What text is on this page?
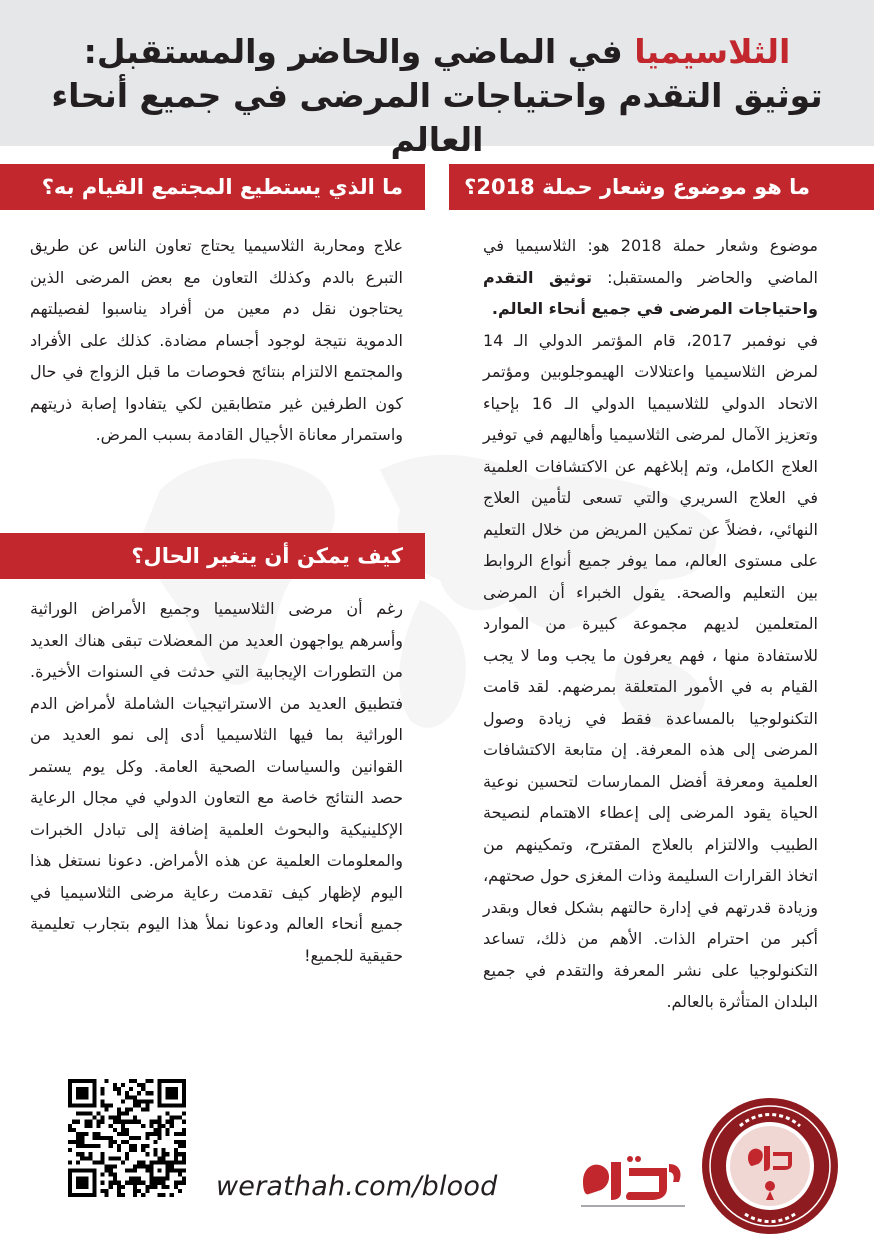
الثلاسيميا في الماضي والحاضر والمستقبل:
توثيق التقدم واحتياجات المرضى في جميع أنحاء العالم
ما هو موضوع وشعار حملة 2018؟

موضوع وشعار حملة 2018 هو: الثلاسيميا في الماضي والحاضر والمستقبل: توثيق التقدم واحتياجات المرضى في جميع أنحاء العالم.

في نوفمبر 2017، قام المؤتمر الدولي الـ 14 لمرض الثلاسيميا واعتلالات الهيموجلوبين ومؤتمر الاتحاد الدولي للثلاسيميا الدولي الـ 16 بإحياء وتعزيز الآمال لمرضى الثلاسيميا وأهاليهم في توفير العلاج الكامل، وتم إبلاغهم عن الاكتشافات العلمية في العلاج السريري والتي تسعى لتأمين العلاج النهائي، ،فضلاً عن تمكين المريض من خلال التعليم على مستوى العالم، مما يوفر جميع أنواع الروابط بين التعليم والصحة. يقول الخبراء أن المرضى المتعلمين لديهم مجموعة كبيرة من الموارد للاستفادة منها ، فهم يعرفون ما يجب وما لا يجب القيام به في الأمور المتعلقة بمرضهم. لقد قامت التكنولوجيا بالمساعدة فقط في زيادة وصول المرضى إلى هذه المعرفة. إن متابعة الاكتشافات العلمية ومعرفة أفضل الممارسات لتحسين نوعية الحياة يقود المرضى إلى إعطاء الاهتمام لنصيحة الطبيب والالتزام بالعلاج المقترح، وتمكينهم من اتخاذ القرارات السليمة وذات المغزى حول صحتهم، وزيادة قدرتهم في إدارة حالتهم بشكل فعال وبقدر أكبر من احترام الذات. الأهم من ذلك، تساعد التكنولوجيا على نشر المعرفة والتقدم في جميع البلدان المتأثرة بالعالم.

ما الذي يستطيع المجتمع القيام به؟
علاج ومحاربة الثلاسيميا يحتاج تعاون الناس عن طريق التبرع بالدم وكذلك التعاون مع بعض المرضى الذين يحتاجون نقل دم معين من أفراد يناسبوا لفصيلتهم الدموية نتيجة لوجود أجسام مضادة. كذلك على الأفراد والمجتمع الالتزام بنتائج فحوصات ما قبل الزواج في حال كون الطرفين غير متطابقين لكي يتفادوا إصابة ذريتهم واستمرار معاناة الأجيال القادمة بسبب المرض.
كيف يمكن أن يتغير الحال؟
رغم أن مرضى الثلاسيميا وجميع الأمراض الوراثية وأسرهم يواجهون العديد من المعضلات تبقى هناك العديد من التطورات الإيجابية التي حدثت في السنوات الأخيرة. فتطبيق العديد من الاستراتيجيات الشاملة لأمراض الدم الوراثية بما فيها الثلاسيميا أدى إلى نمو العديد من القوانين والسياسات الصحية العامة. وكل يوم يستمر حصد النتائج خاصة مع التعاون الدولي في مجال الرعاية الإكلينيكية والبحوث العلمية إضافة إلى تبادل الخبرات والمعلومات العلمية عن هذه الأمراض. دعونا نستغل هذا اليوم لإظهار كيف تقدمت رعاية مرضى الثلاسيميا في جميع أنحاء العالم ودعونا نملأ هذا اليوم بتجارب تعليمية حقيقية للجميع!
werathah.com/blood
